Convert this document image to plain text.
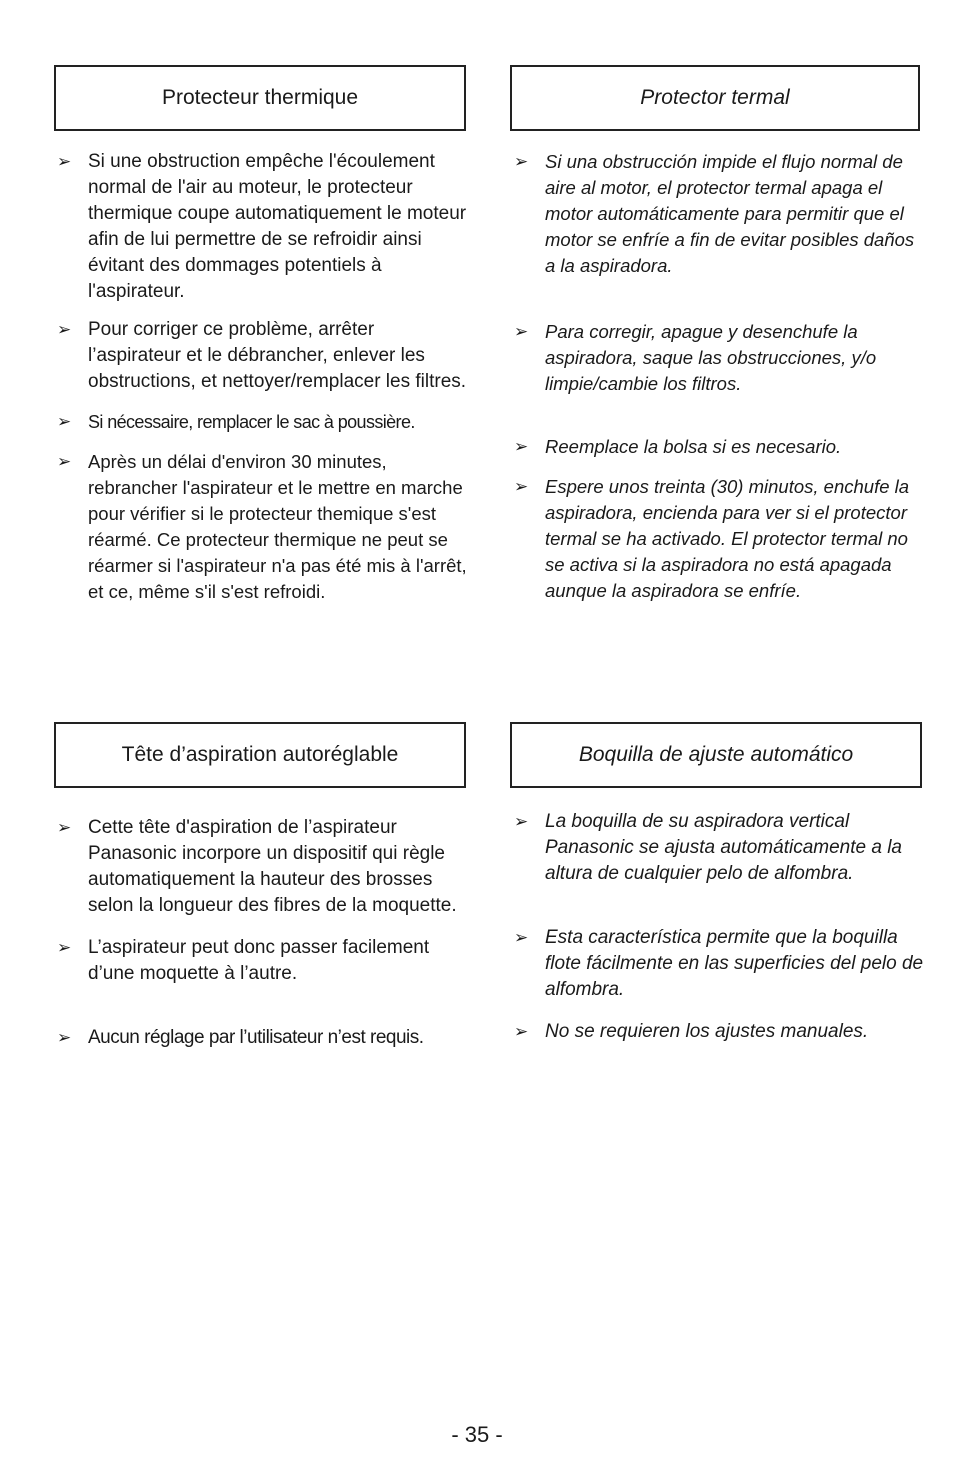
Protecteur thermique
➢ Si une obstruction empêche l'écoulement normal de l'air au moteur, le protecteur thermique coupe automatiquement le moteur afin de lui permettre de se refroidir ainsi évitant des dommages potentiels à l'aspirateur.
➢ Pour corriger ce problème, arrêter l’aspirateur et le débrancher, enlever les obstructions, et nettoyer/remplacer les filtres.
➢ Si nécessaire, remplacer le sac à poussière.
➢ Après un délai d'environ 30 minutes, rebrancher l'aspirateur et le mettre en marche pour vérifier si le protecteur themique s'est réarmé. Ce protecteur thermique ne peut se réarmer si l'aspirateur n'a pas été mis à l'arrêt, et ce, même s'il s'est refroidi.
Protector termal
➢ Si una obstrucción impide el flujo normal de aire al motor, el protector termal apaga el motor automáticamente para permitir que el motor se enfríe a fin de evitar posibles daños a la aspiradora.
➢ Para corregir, apague y desenchufe la aspiradora, saque las obstrucciones, y/o limpie/cambie los filtros.
➢ Reemplace la bolsa si es necesario.
➢ Espere unos treinta (30) minutos, enchufe la aspiradora, encienda para ver si el protector termal se ha activado. El protector termal no se activa si la aspiradora no está apagada aunque la aspiradora se enfríe.
Tête d’aspiration autoréglable
➢ Cette tête d'aspiration de l’aspirateur Panasonic incorpore un dispositif qui règle automatiquement la hauteur des brosses selon la longueur des fibres de la moquette.
➢ L’aspirateur peut donc passer facilement d’une moquette à l’autre.
➢ Aucun réglage par l’utilisateur n’est requis.
Boquilla de ajuste automático
➢ La boquilla de su aspiradora vertical Panasonic se ajusta automáticamente a la altura de cualquier pelo de alfombra.
➢ Esta característica permite que la boquilla flote fácilmente en las superficies del pelo de alfombra.
➢ No se requieren los ajustes manuales.
- 35 -
